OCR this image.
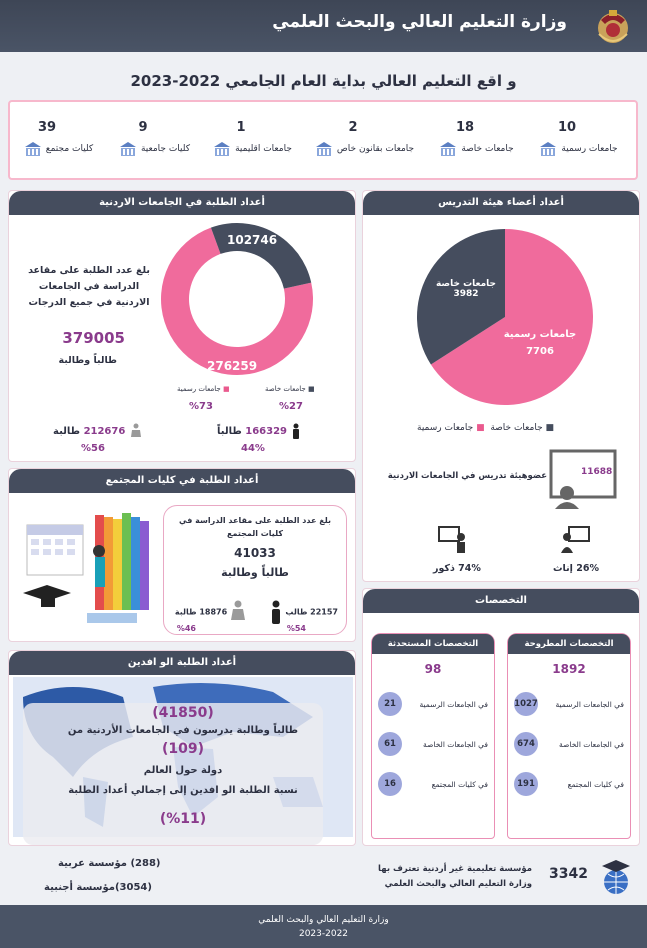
وزارة التعليم العالي والبحث العلمي
و اقع التعليم العالي بداية العام الجامعي 2022-2023
10
جامعات رسمية
18
جامعات خاصة
2
جامعات بقانون خاص
1
جامعات اقليمية
9
كليات جامعية
39
كليات مجتمع
أعداد الطلبة في الجامعات الاردنية
102746
276259
بلغ عدد الطلبة على مقاعد
الدراسة في الجامعات
الاردنية في جميع الدرجات
379005
طالباً وطالبة
■ جامعات خاصة
■ جامعات رسمية
%27
%73
166329 طالباً
44%
212676 طالبة
%56
أعداد أعضاء هيئة التدريس
جامعات خاصة
3982
جامعات رسمية
7706
■ جامعات خاصة  ■ جامعات رسمية
عضوهيئة تدريس في الجامعات الاردنية	11688
26% إناث
74% ذكور
أعداد الطلبة في كليات المجتمع
بلغ عدد الطلبة على مقاعد الدراسة في
كليات المجتمع
41033
طالباً وطالبة
22157 طالب
%54
18876 طالبة
%46
أعداد الطلبة الو افدين
(41850)
طالباً وطالبة يدرسون في الجامعات الأردنية من
(109)
دولة حول العالم
نسبة الطلبة الو افدين إلى إجمالي أعداد الطلبة
(%11)
التخصصات
التخصصات المطروحة
1892
في الجامعات الرسمية
1027
في الجامعات الخاصة
674
في كليات المجتمع
191
التخصصات المستحدثة
98
في الجامعات الرسمية
21
في الجامعات الخاصة
61
في كليات المجتمع
16
3342
مؤسسة تعليمية غير أردنية تعترف بها
وزارة التعليم العالي والبحث العلمي
(288) مؤسسة عربية
(3054)مؤسسة أجنبية
وزارة التعليم العالي والبحث العلمي
2023-2022
